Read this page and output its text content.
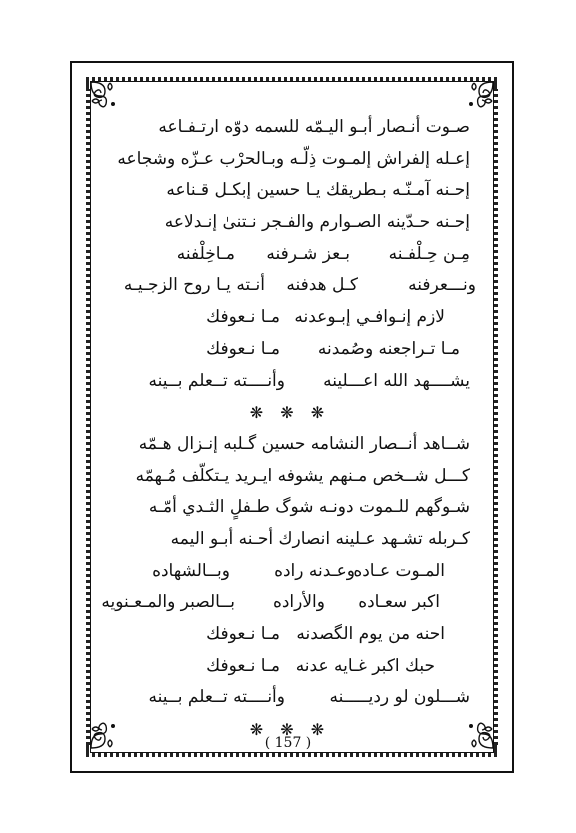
صـوت أنـصار أبـو اليـمّه للسمه دوّه ارتـفـاعه
إعـله إلفراش إلمـوت ذِلّـه وبـالحرْب عـزّه وشجاعه
إحـنه آمـنّـه بـطريقك يـا حسين إبكـل قـناعه
إحـنه حـدّينه الصـوارم والفـجر نـتنىٰ إنـدلاعه
مِـن حِـلْفـنه
بـعز شـرفنه
مـاخِلْفنه
ونـــعرفنه
كـل هدفنه
أنـته يـا روح الزجـيـه
لازم إنـوافـي إبـوعدنه
مـا نـعوفك
مـا تـراجعنه وصُمدنه
مـا نـعوفك
يشــــهد الله اعـــلينه
وأنــــته تــعلم بــينه
❋ ❋ ❋
شــاهد أنــصار النشامه حسين گـلبه إنـزال هـمّه
كـــل شــخص مـنهم يشوفه ايـريد يـتكلّف مُـهمّه
شـوگهم للـموت دونـه شوگ طـفلٍ الثـدي أمّـه
كـربله تشـهد عـلينه انصارك أحـنه أبـو اليمه
المـوت عـاده
وعـدنه راده
وبــالشهاده
اكبر سعـاده
والأراده
بــالصبر والمـعـنويه
احنه من يوم الگصدنه
مـا نـعوفك
حبك اكبر غـايه عدنه
مـا نـعوفك
شـــلون لو رديـــــنه
وأنــــته تــعلم بــينه
❋ ❋ ❋
( 157 )
